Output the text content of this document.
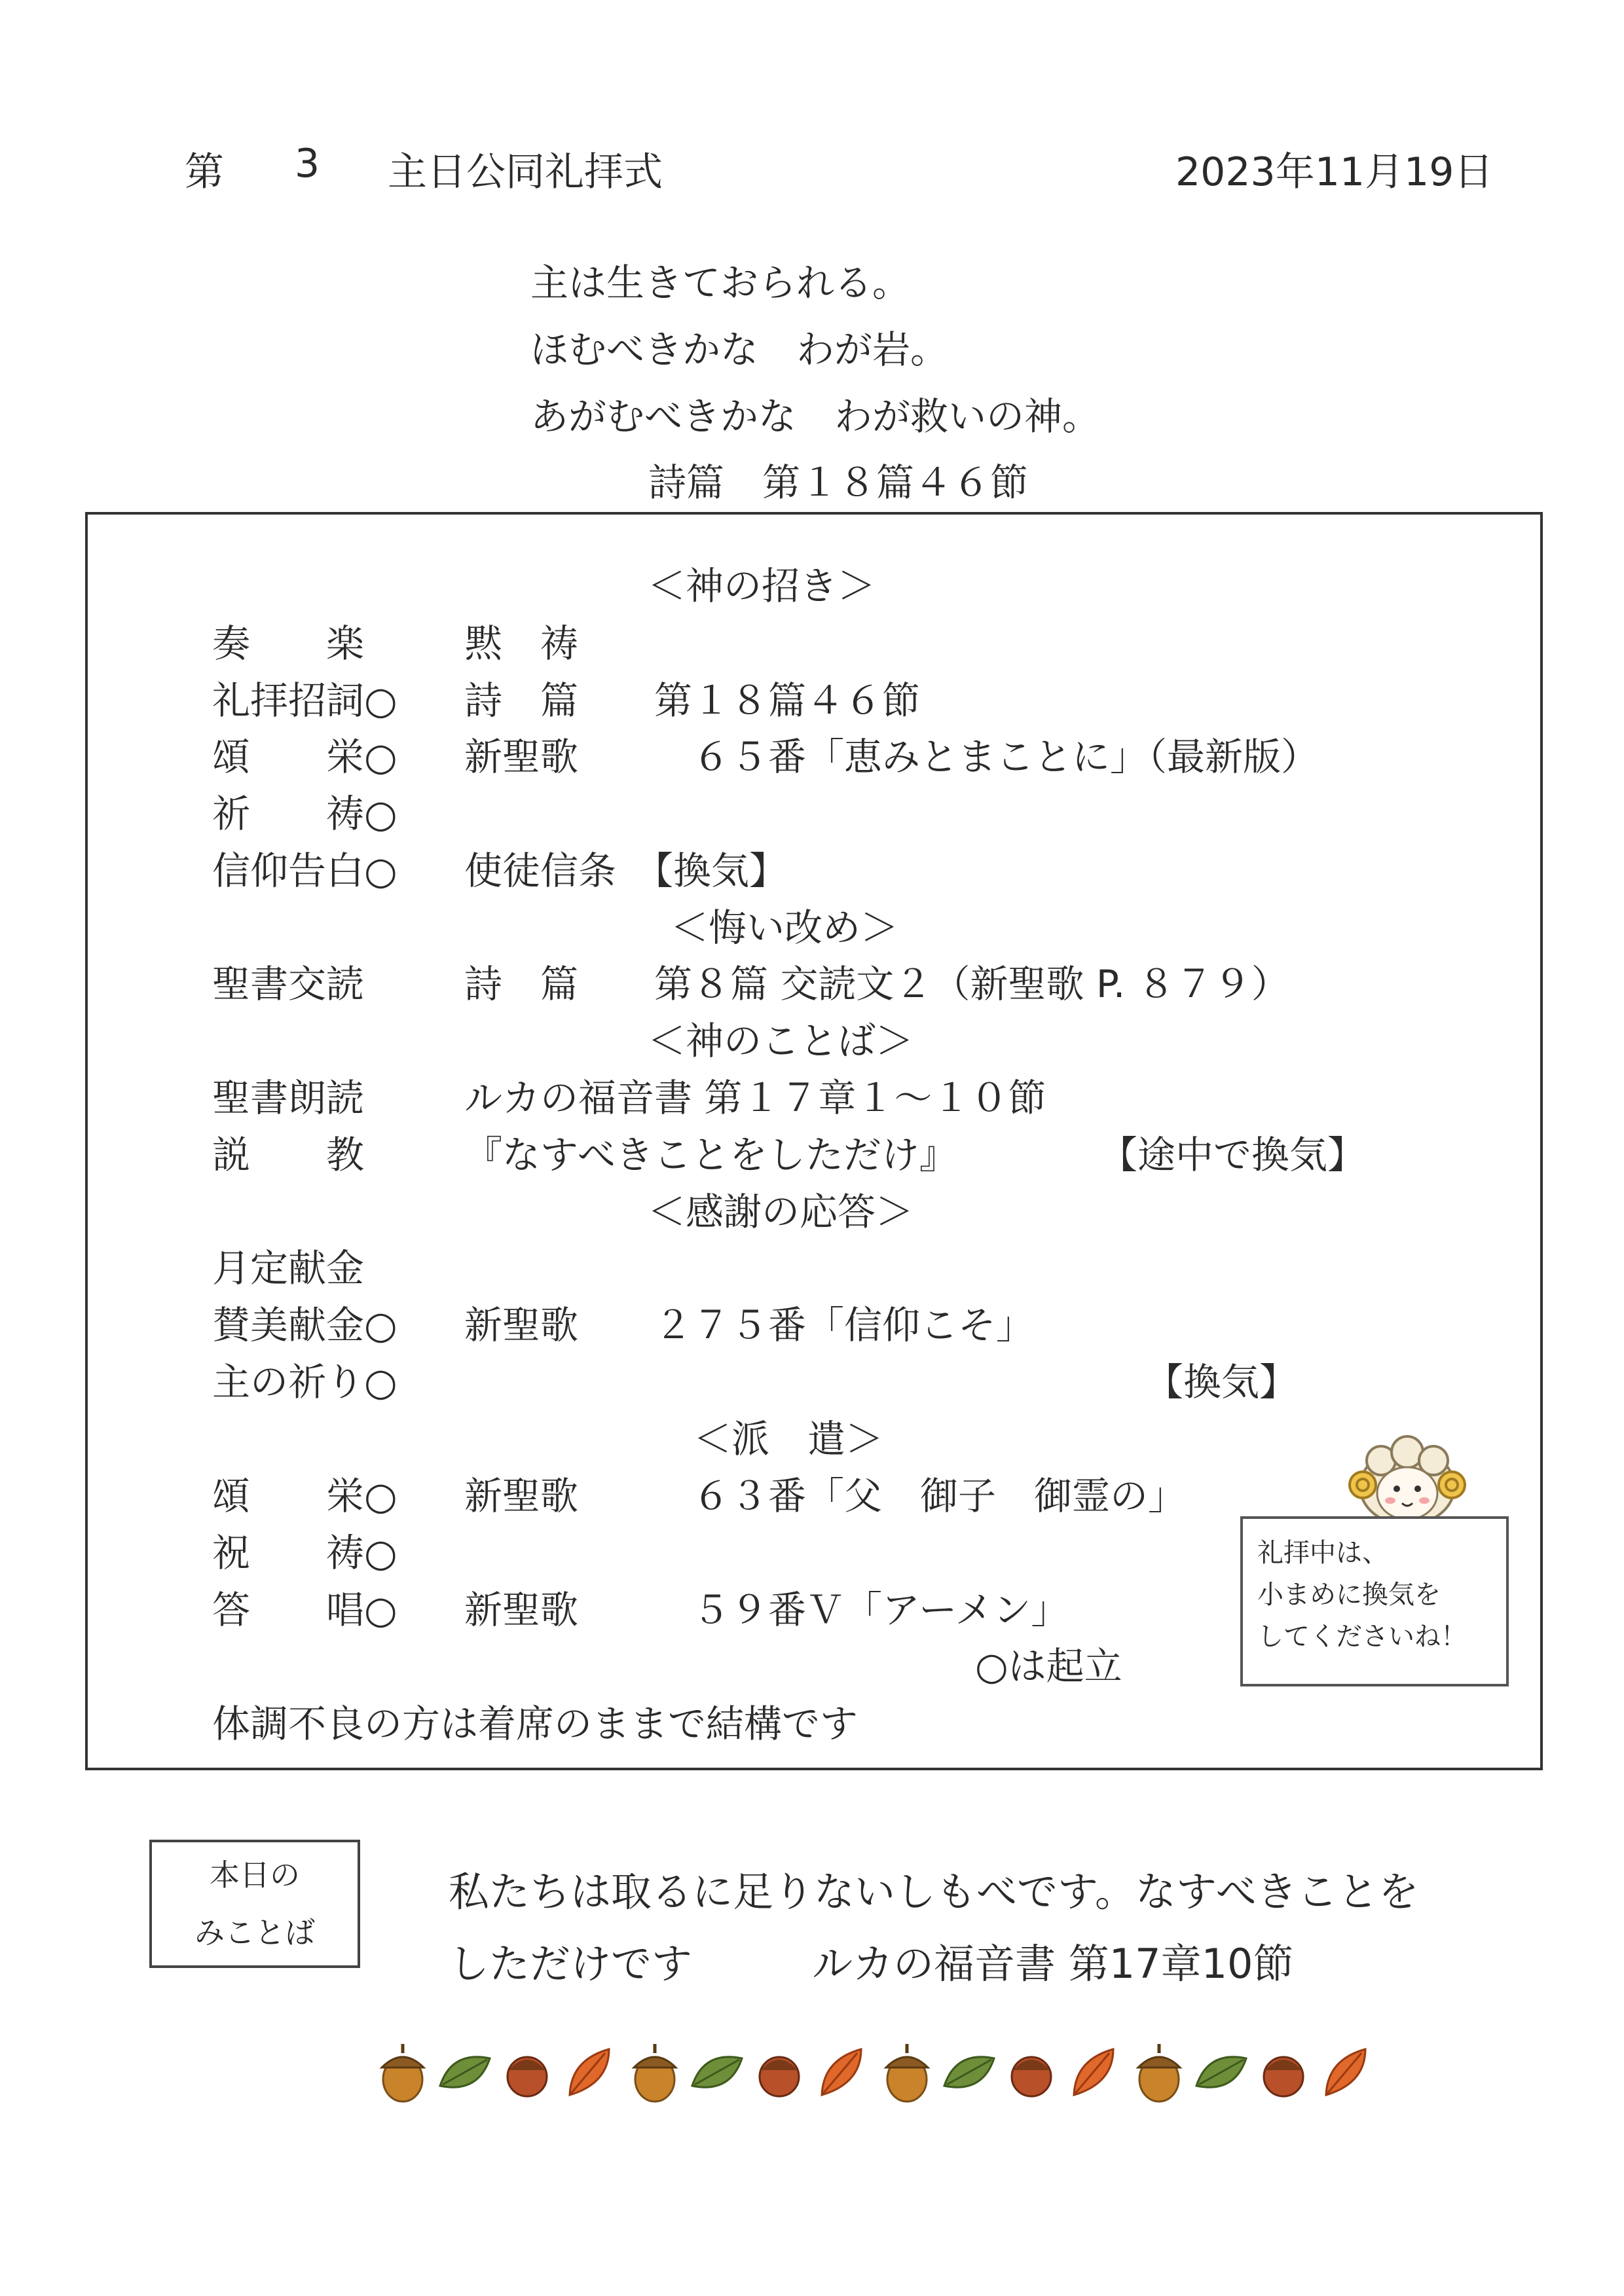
第 3 主日公同礼拝式	2023年11月19日
主は生きておられる。
ほむべきかな　わが岩。
あがむべきかな　わが救いの神。
詩篇　第１８篇４６節
＜神の招き＞
奏　　楽	黙　祷
礼拝招詞○ 詩　篇　　第１８篇４６節
頌　　栄○ 新聖歌　　　６５番「恵みとまことに」（最新版）
祈　　祷○
信仰告白○ 使徒信条　【換気】
＜悔い改め＞
聖書交読	詩　篇　　第８篇 交読文２（新聖歌 P. ８７９）
＜神のことば＞
聖書朗読	ルカの福音書 第１７章１～１０節
説　　教	『なすべきことをしただけ』	【途中で換気】
＜感謝の応答＞
月定献金
賛美献金○ 新聖歌　　２７５番「信仰こそ」
主の祈り○	【換気】
＜派　遣＞
頌　　栄○ 新聖歌　　　６３番「父　御子　御霊の」
祝　　祷○
答　　唱○ 新聖歌　　　５９番Ｖ「アーメン」
○は起立
体調不良の方は着席のままで結構です
礼拝中は、
小まめに換気を
してくださいね！
本日の
みことば
私たちは取るに足りないしもべです。なすべきことを
しただけです	ルカの福音書 第17章10節
